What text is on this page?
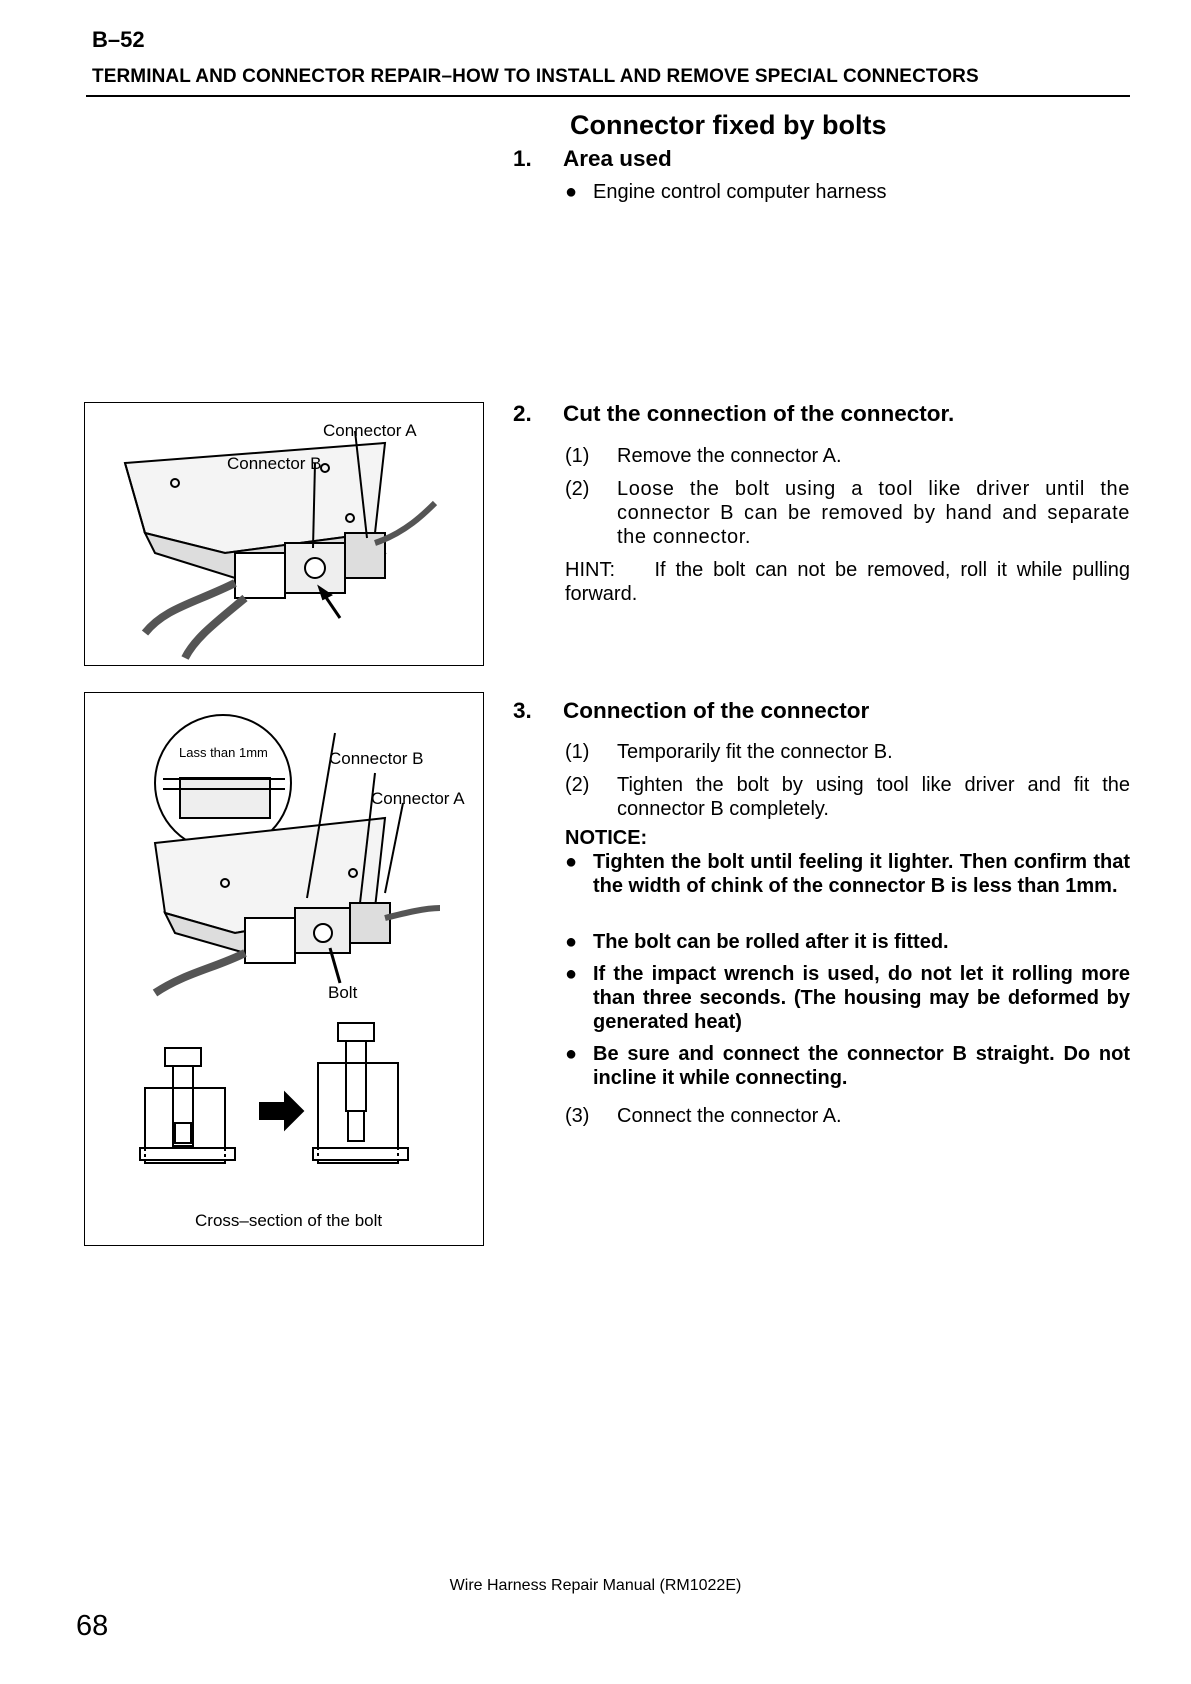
B–52
TERMINAL AND CONNECTOR REPAIR–HOW TO INSTALL AND REMOVE SPECIAL CONNECTORS
Connector fixed by bolts
1. Area used
● Engine control computer harness
2. Cut the connection of the connector.
(1) Remove the connector A.
(2) Loose the bolt using a tool like driver until the connector B can be removed by hand and separate the connector.
HINT: If the bolt can not be removed, roll it while pulling forward.
3. Connection of the connector
(1) Temporarily fit the connector B.
(2) Tighten the bolt by using tool like driver and fit the connector B completely.
NOTICE:
● Tighten the bolt until feeling it lighter. Then confirm that the width of chink of the connector B is less than 1mm.
● The bolt can be rolled after it is fitted.
● If the impact wrench is used, do not let it rolling more than three seconds. (The housing may be deformed by generated heat)
● Be sure and connect the connector B straight. Do not incline it while connecting.
(3) Connect the connector A.
Connector A
Connector B
Lass than 1mm	Connector B
Connector A
Bolt
Cross–section of the bolt
Wire Harness Repair Manual (RM1022E)
68
